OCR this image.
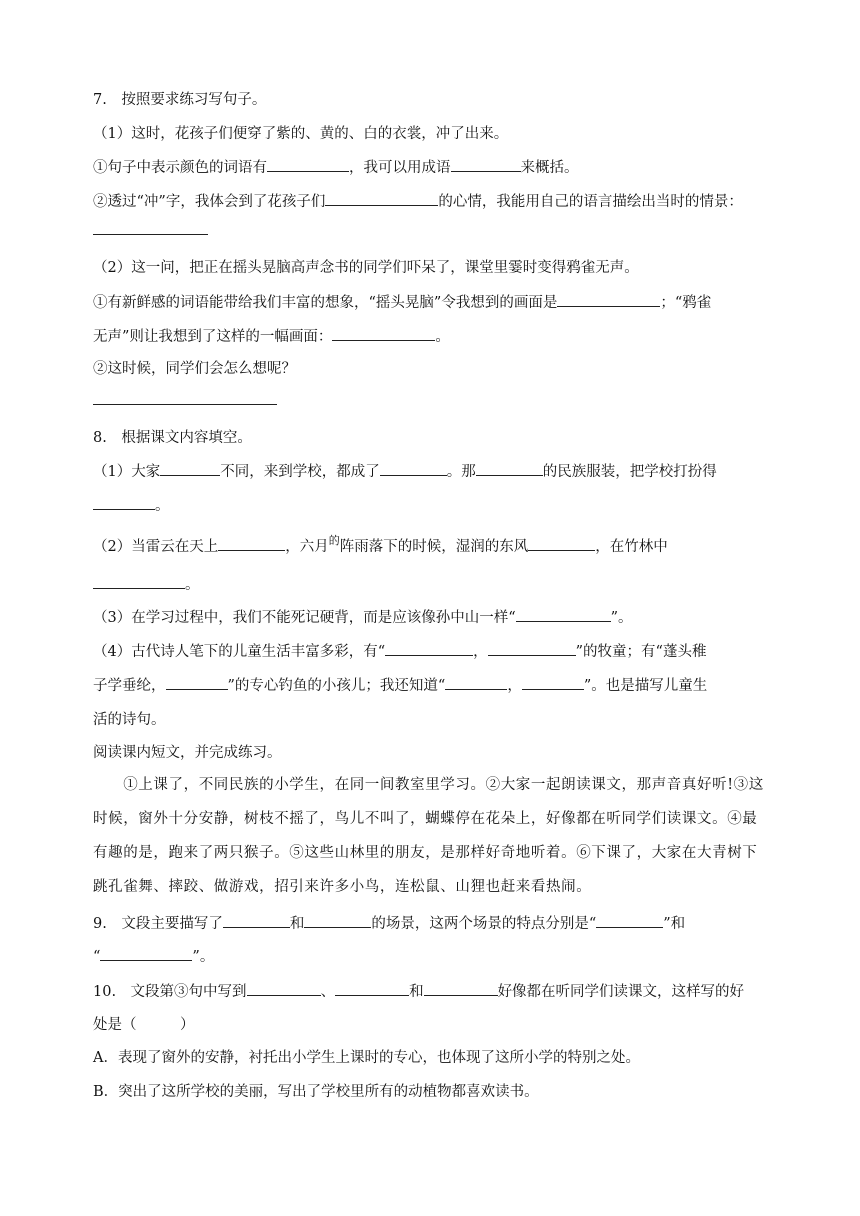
7.　按照要求练习写句子。
（1）这时，花孩子们便穿了紫的、黄的、白的衣裳，冲了出来。
①句子中表示颜色的词语有	，我可以用成语	来概括。
②透过“冲”字，我体会到了花孩子们	的心情，我能用自己的语言描绘出当时的情景：
（2）这一问，把正在摇头晃脑高声念书的同学们吓呆了，课堂里霎时变得鸦雀无声。
①有新鲜感的词语能带给我们丰富的想象，“摇头晃脑”令我想到的画面是	；“鸦雀
无声”则让我想到了这样的一幅画面：	。
②这时候，同学们会怎么想呢？
8.　根据课文内容填空。
（1）大家	不同，来到学校，都成了	。那	的民族服装，把学校打扮得
。
（2）当雷云在天上	，六月$^的$阵雨落下的时候，湿润的东风	，在竹林中
。
（3）在学习过程中，我们不能死记硬背，而是应该像孙中山一样“	”。
（4）古代诗人笔下的儿童生活丰富多彩，有“	，	”的牧童；有“蓬头稚
子学垂纶，	”的专心钓鱼的小孩儿；我还知道“	，	”。也是描写儿童生
活的诗句。
阅读课内短文，并完成练习。
　　①上课了，不同民族的小学生，在同一间教室里学习。②大家一起朗读课文，那声音真好听!③这
时候，窗外十分安静，树枝不摇了，鸟儿不叫了，蝴蝶停在花朵上，好像都在听同学们读课文。④最
有趣的是，跑来了两只猴子。⑤这些山林里的朋友，是那样好奇地听着。⑥下课了，大家在大青树下
跳孔雀舞、摔跤、做游戏，招引来许多小鸟，连松鼠、山狸也赶来看热闹。
9.　文段主要描写了	和	的场景，这两个场景的特点分别是“	”和
“	”。
10.　文段第③句中写到	、	和	好像都在听同学们读课文，这样写的好
处是（　　　）
A．表现了窗外的安静，衬托出小学生上课时的专心，也体现了这所小学的特别之处。
B．突出了这所学校的美丽，写出了学校里所有的动植物都喜欢读书。
